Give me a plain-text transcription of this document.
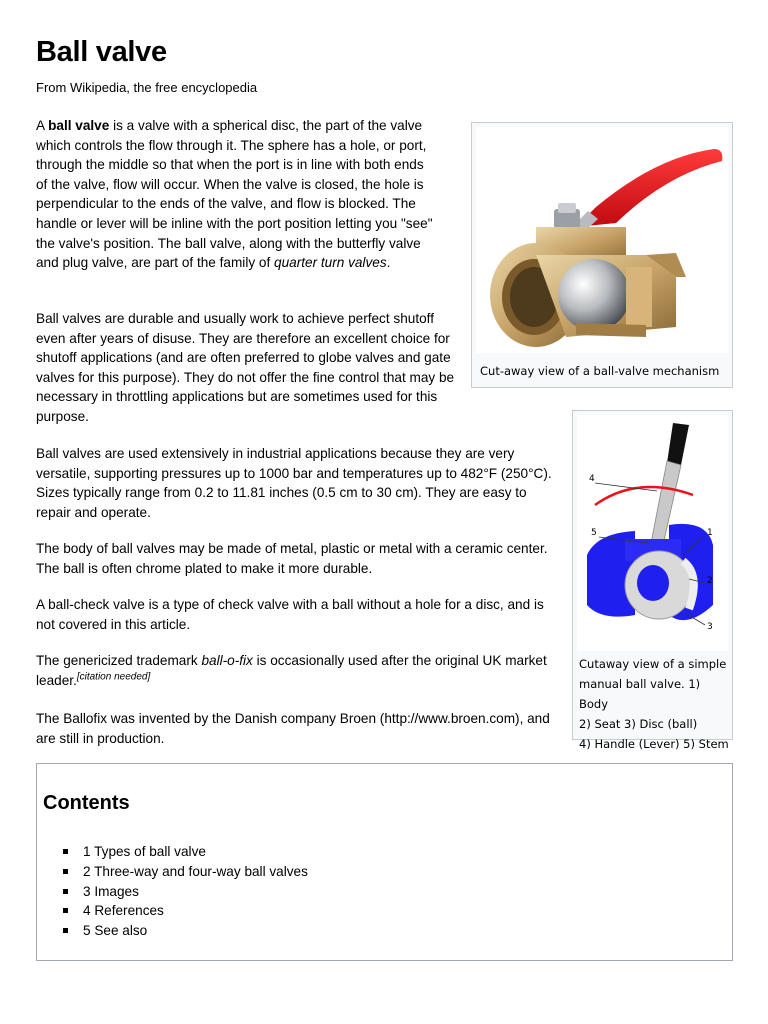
Ball valve
From Wikipedia, the free encyclopedia

A ball valve is a valve with a spherical disc, the part of the valve which controls the flow through it. The sphere has a hole, or port, through the middle so that when the port is in line with both ends of the valve, flow will occur. When the valve is closed, the hole is perpendicular to the ends of the valve, and flow is blocked. The handle or lever will be inline with the port position letting you "see" the valve's position. The ball valve, along with the butterfly valve and plug valve, are part of the family of quarter turn valves.

Ball valves are durable and usually work to achieve perfect shutoff even after years of disuse. They are therefore an excellent choice for shutoff applications (and are often preferred to globe valves and gate valves for this purpose). They do not offer the fine control that may be necessary in throttling applications but are sometimes used for this purpose.

Ball valves are used extensively in industrial applications because they are very versatile, supporting pressures up to 1000 bar and temperatures up to 482°F (250°C). Sizes typically range from 0.2 to 11.81 inches (0.5 cm to 30 cm). They are easy to repair and operate.

The body of ball valves may be made of metal, plastic or metal with a ceramic center. The ball is often chrome plated to make it more durable.

A ball-check valve is a type of check valve with a ball without a hole for a disc, and is not covered in this article.

The genericized trademark ball-o-fix is occasionally used after the original UK market leader.[citation needed]

The Ballofix was invented by the Danish company Broen (http://www.broen.com), and are still in production.

Cut-away view of a ball-valve mechanism
4
5	1
2
3
Cutaway view of a simple
manual ball valve. 1) Body
2) Seat 3) Disc (ball)
4) Handle (Lever) 5) Stem
Contents
1 Types of ball valve
2 Three-way and four-way ball valves
3 Images
4 References
5 See also
